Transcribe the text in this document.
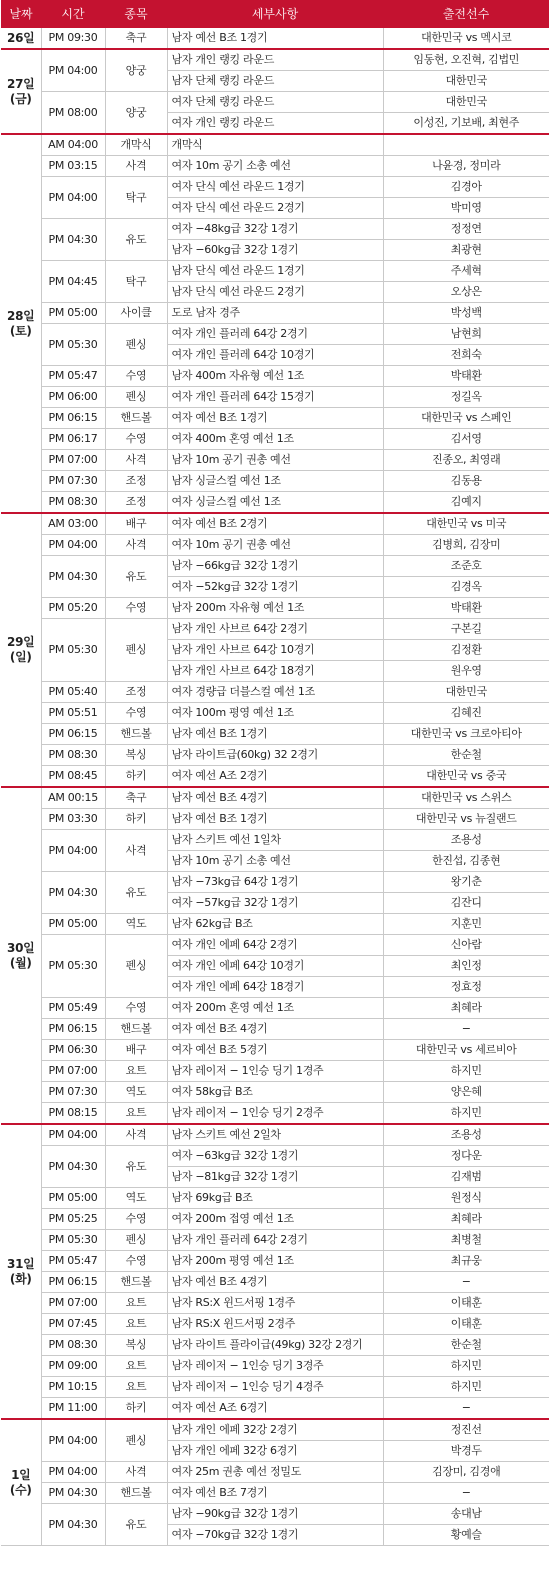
날짜	시간	종목	세부사항	출전선수

26일	PM 09:30	축구	남자 예선 B조 1경기	대한민국 vs 멕시코

27일
(금)	PM 04:00	양궁	남자 개인 랭킹 라운드	임동현, 오진혁, 김법민
			남자 단체 랭킹 라운드	대한민국
	PM 08:00	양궁	여자 단체 랭킹 라운드	대한민국
			여자 개인 랭킹 라운드	이성진, 기보배, 최현주

28일
(토)	AM 04:00	개막식	개막식	
	PM 03:15	사격	여자 10m 공기 소총 예선	나윤경, 정미라
	PM 04:00	탁구	여자 단식 예선 라운드 1경기	김경아
			여자 단식 예선 라운드 2경기	박미영
	PM 04:30	유도	여자 −48kg급 32강 1경기	정정연
			남자 −60kg급 32강 1경기	최광현
	PM 04:45	탁구	남자 단식 예선 라운드 1경기	주세혁
			남자 단식 예선 라운드 2경기	오상은
	PM 05:00	사이클	도로 남자 경주	박성백
	PM 05:30	펜싱	여자 개인 플러레 64강 2경기	남현희
			여자 개인 플러레 64강 10경기	전희숙
	PM 05:47	수영	남자 400m 자유형 예선 1조	박태환
	PM 06:00	펜싱	여자 개인 플러레 64강 15경기	정길옥
	PM 06:15	핸드볼	여자 예선 B조 1경기	대한민국 vs 스페인
	PM 06:17	수영	여자 400m 혼영 예선 1조	김서영
	PM 07:00	사격	남자 10m 공기 권총 예선	진종오, 최영래
	PM 07:30	조정	남자 싱글스컬 예선 1조	김동용
	PM 08:30	조정	여자 싱글스컬 예선 1조	김예지

29일
(일)	AM 03:00	배구	여자 예선 B조 2경기	대한민국 vs 미국
	PM 04:00	사격	여자 10m 공기 권총 예선	김병희, 김장미
	PM 04:30	유도	남자 −66kg급 32강 1경기	조준호
			여자 −52kg급 32강 1경기	김경옥
	PM 05:20	수영	남자 200m 자유형 예선 1조	박태환
	PM 05:30	펜싱	남자 개인 사브르 64강 2경기	구본길
			남자 개인 사브르 64강 10경기	김정환
			남자 개인 사브르 64강 18경기	원우영
	PM 05:40	조정	여자 경량급 더블스컬 예선 1조	대한민국
	PM 05:51	수영	여자 100m 평영 예선 1조	김혜진
	PM 06:15	핸드볼	남자 예선 B조 1경기	대한민국 vs 크로아티아
	PM 08:30	복싱	남자 라이트급(60kg) 32 2경기	한순철
	PM 08:45	하키	여자 예선 A조 2경기	대한민국 vs 중국

30일
(월)	AM 00:15	축구	남자 예선 B조 4경기	대한민국 vs 스위스
	PM 03:30	하키	남자 예선 B조 1경기	대한민국 vs 뉴질랜드
	PM 04:00	사격	남자 스키트 예선 1일차	조용성
			남자 10m 공기 소총 예선	한진섭, 김종현
	PM 04:30	유도	남자 −73kg급 64강 1경기	왕기춘
			여자 −57kg급 32강 1경기	김잔디
	PM 05:00	역도	남자 62kg급 B조	지훈민
	PM 05:30	펜싱	여자 개인 에페 64강 2경기	신아람
			여자 개인 에페 64강 10경기	최인정
			여자 개인 에페 64강 18경기	정효정
	PM 05:49	수영	여자 200m 혼영 예선 1조	최혜라
	PM 06:15	핸드볼	여자 예선 B조 4경기	−
	PM 06:30	배구	여자 예선 B조 5경기	대한민국 vs 세르비아
	PM 07:00	요트	남자 레이저 − 1인승 딩기 1경주	하지민
	PM 07:30	역도	여자 58kg급 B조	양은혜
	PM 08:15	요트	남자 레이저 − 1인승 딩기 2경주	하지민

31일
(화)	PM 04:00	사격	남자 스키트 예선 2일차	조용성
	PM 04:30	유도	여자 −63kg급 32강 1경기	정다운
			남자 −81kg급 32강 1경기	김재범
	PM 05:00	역도	남자 69kg급 B조	원정식
	PM 05:25	수영	여자 200m 접영 예선 1조	최혜라
	PM 05:30	펜싱	남자 개인 플러레 64강 2경기	최병철
	PM 05:47	수영	남자 200m 평영 예선 1조	최규웅
	PM 06:15	핸드볼	남자 예선 B조 4경기	−
	PM 07:00	요트	남자 RS:X 윈드서핑 1경주	이태훈
	PM 07:45	요트	남자 RS:X 윈드서핑 2경주	이태훈
	PM 08:30	복싱	남자 라이트 플라이급(49kg) 32강 2경기	한순철
	PM 09:00	요트	남자 레이저 − 1인승 딩기 3경주	하지민
	PM 10:15	요트	남자 레이저 − 1인승 딩기 4경주	하지민
	PM 11:00	하키	여자 예선 A조 6경기	−

1일
(수)	PM 04:00	펜싱	남자 개인 에페 32강 2경기	정진선
			남자 개인 에페 32강 6경기	박경두
	PM 04:00	사격	여자 25m 권총 예선 정밀도	김장미, 김경애
	PM 04:30	핸드볼	여자 예선 B조 7경기	−
	PM 04:30	유도	남자 −90kg급 32강 1경기	송대남
			여자 −70kg급 32강 1경기	황예슬
